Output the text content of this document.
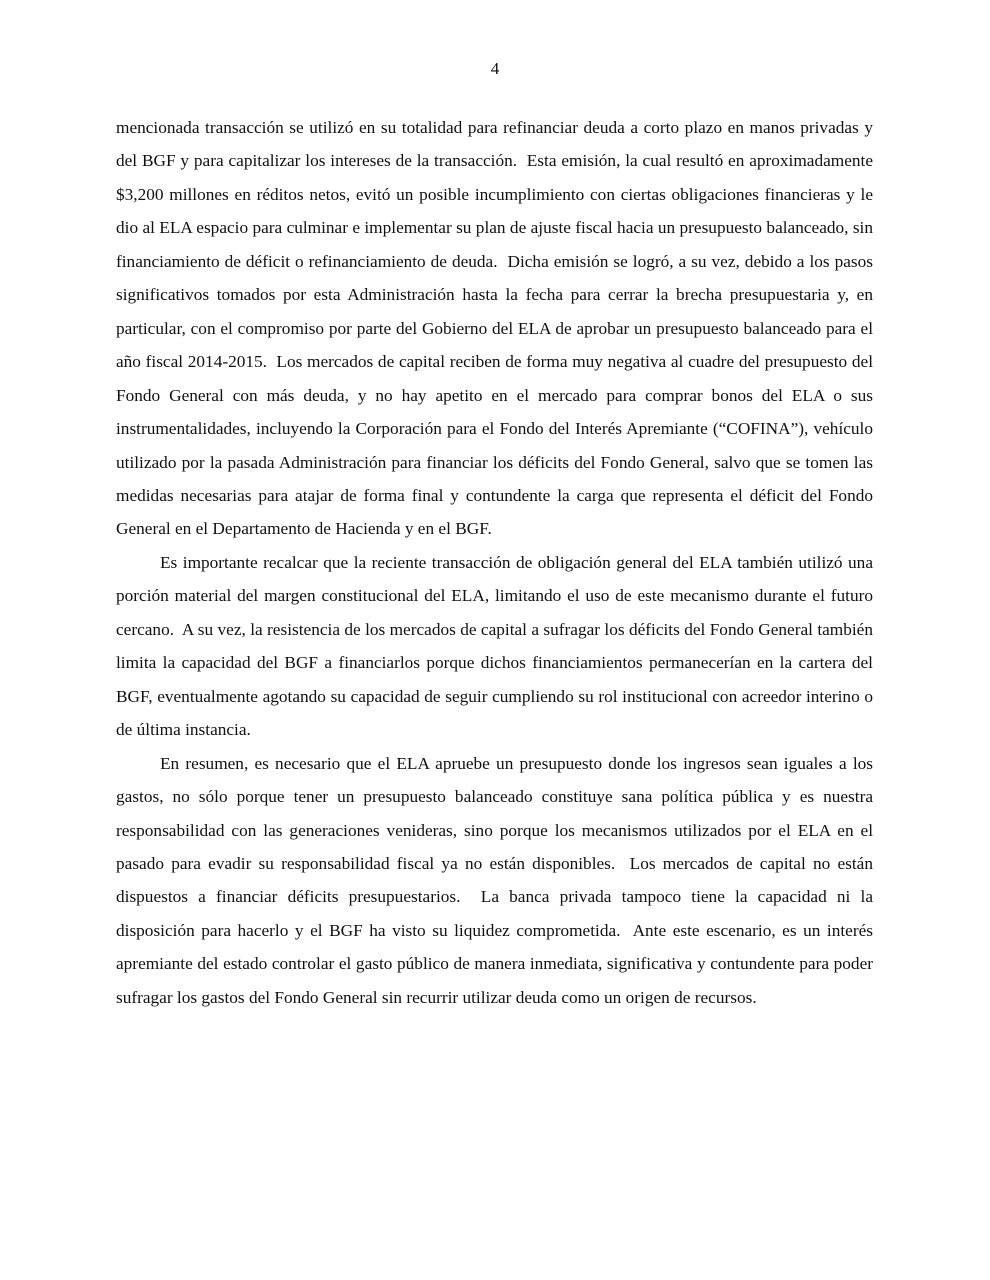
4

mencionada transacción se utilizó en su totalidad para refinanciar deuda a corto plazo en manos privadas y del BGF y para capitalizar los intereses de la transacción.  Esta emisión, la cual resultó en aproximadamente $3,200 millones en réditos netos, evitó un posible incumplimiento con ciertas obligaciones financieras y le dio al ELA espacio para culminar e implementar su plan de ajuste fiscal hacia un presupuesto balanceado, sin financiamiento de déficit o refinanciamiento de deuda.  Dicha emisión se logró, a su vez, debido a los pasos significativos tomados por esta Administración hasta la fecha para cerrar la brecha presupuestaria y, en particular, con el compromiso por parte del Gobierno del ELA de aprobar un presupuesto balanceado para el año fiscal 2014-2015.  Los mercados de capital reciben de forma muy negativa al cuadre del presupuesto del Fondo General con más deuda, y no hay apetito en el mercado para comprar bonos del ELA o sus instrumentalidades, incluyendo la Corporación para el Fondo del Interés Apremiante (“COFINA”), vehículo utilizado por la pasada Administración para financiar los déficits del Fondo General, salvo que se tomen las medidas necesarias para atajar de forma final y contundente la carga que representa el déficit del Fondo General en el Departamento de Hacienda y en el BGF.

Es importante recalcar que la reciente transacción de obligación general del ELA también utilizó una porción material del margen constitucional del ELA, limitando el uso de este mecanismo durante el futuro cercano.  A su vez, la resistencia de los mercados de capital a sufragar los déficits del Fondo General también limita la capacidad del BGF a financiarlos porque dichos financiamientos permanecerían en la cartera del BGF, eventualmente agotando su capacidad de seguir cumpliendo su rol institucional con acreedor interino o de última instancia.

En resumen, es necesario que el ELA apruebe un presupuesto donde los ingresos sean iguales a los gastos, no sólo porque tener un presupuesto balanceado constituye sana política pública y es nuestra responsabilidad con las generaciones venideras, sino porque los mecanismos utilizados por el ELA en el pasado para evadir su responsabilidad fiscal ya no están disponibles.  Los mercados de capital no están dispuestos a financiar déficits presupuestarios.  La banca privada tampoco tiene la capacidad ni la disposición para hacerlo y el BGF ha visto su liquidez comprometida.  Ante este escenario, es un interés apremiante del estado controlar el gasto público de manera inmediata, significativa y contundente para poder sufragar los gastos del Fondo General sin recurrir utilizar deuda como un origen de recursos.
